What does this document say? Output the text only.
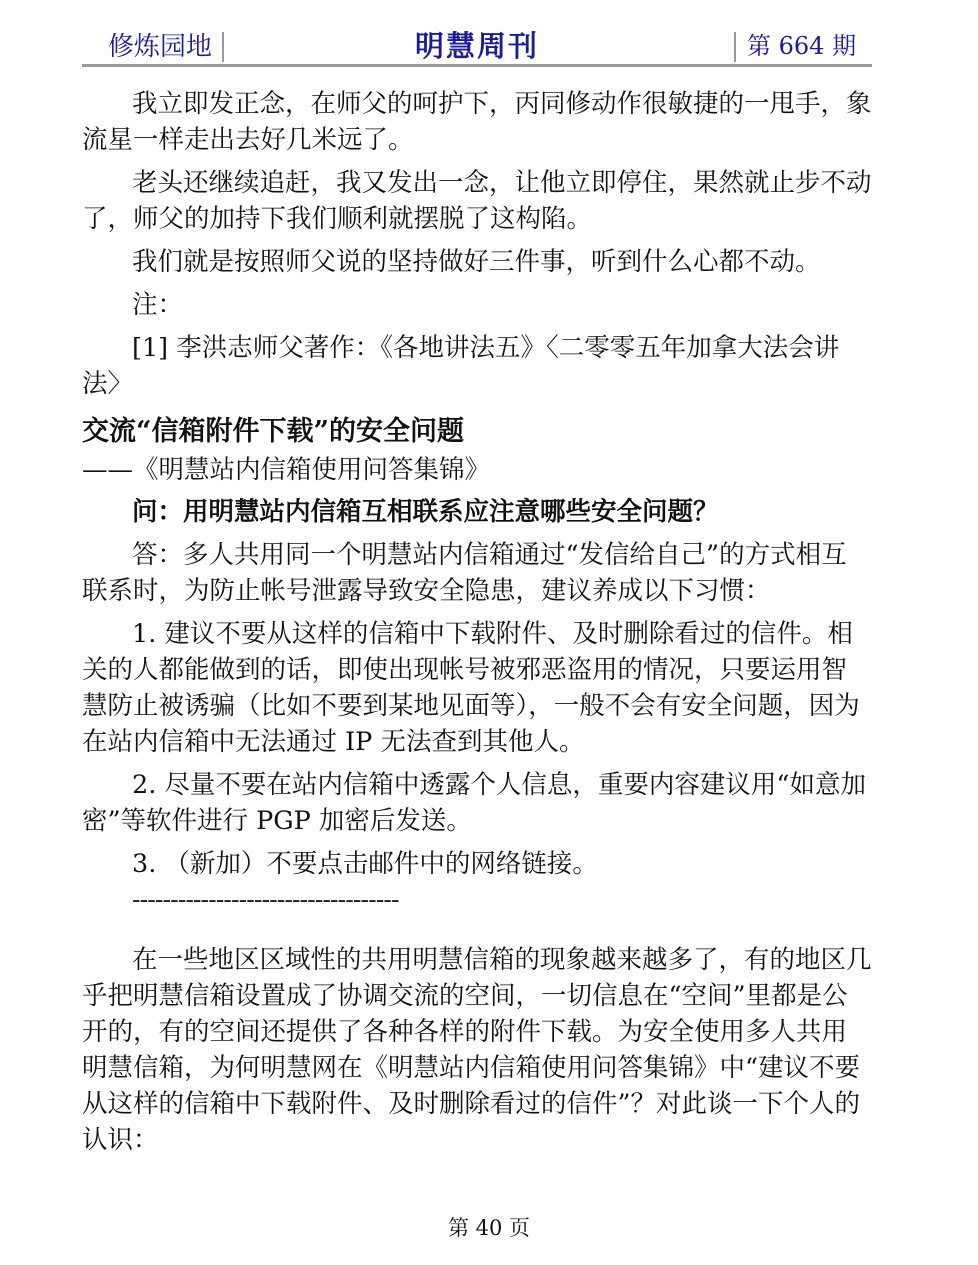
修炼园地	明慧周刊	第 664 期

我立即发正念，在师父的呵护下，丙同修动作很敏捷的一甩手，象流星一样走出去好几米远了。

老头还继续追赶，我又发出一念，让他立即停住，果然就止步不动了，师父的加持下我们顺利就摆脱了这构陷。

我们就是按照师父说的坚持做好三件事，听到什么心都不动。

注：

[1] 李洪志师父著作：《各地讲法五》〈二零零五年加拿大法会讲法〉

交流“信箱附件下载”的安全问题

——《明慧站内信箱使用问答集锦》

问：用明慧站内信箱互相联系应注意哪些安全问题？

答：多人共用同一个明慧站内信箱通过“发信给自己”的方式相互联系时，为防止帐号泄露导致安全隐患，建议养成以下习惯：

1. 建议不要从这样的信箱中下载附件、及时删除看过的信件。相关的人都能做到的话，即使出现帐号被邪恶盗用的情况，只要运用智慧防止被诱骗（比如不要到某地见面等），一般不会有安全问题，因为在站内信箱中无法通过 IP 无法查到其他人。

2. 尽量不要在站内信箱中透露个人信息，重要内容建议用“如意加密”等软件进行 PGP 加密后发送。

3. （新加）不要点击邮件中的网络链接。

-----------------------------------

在一些地区区域性的共用明慧信箱的现象越来越多了，有的地区几乎把明慧信箱设置成了协调交流的空间，一切信息在“空间”里都是公开的，有的空间还提供了各种各样的附件下载。为安全使用多人共用明慧信箱，为何明慧网在《明慧站内信箱使用问答集锦》中“建议不要从这样的信箱中下载附件、及时删除看过的信件”？对此谈一下个人的认识：

第 40 页
